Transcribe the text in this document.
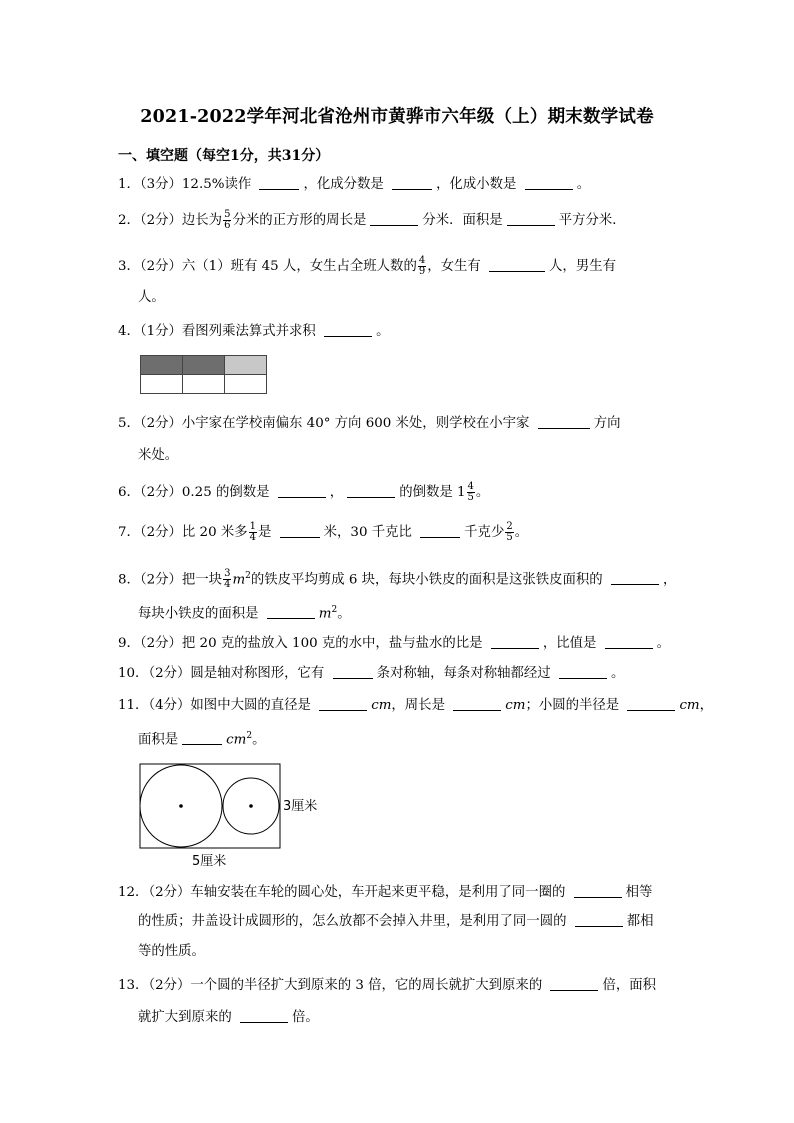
2021-2022学年河北省沧州市黄骅市六年级（上）期末数学试卷
一、填空题（每空1分，共31分）
1．（3分）12.5%读作	，化成分数是	，化成小数是	。
2．（2分）边长为 $\frac{5}{6}$ 分米的正方形的周长是	分米．面积是	平方分米．
3．（2分）六（1）班有 45 人，女生占全班人数的 $\frac{4}{9}$ ，女生有	人，男生有
人。
4．（1分）看图列乘法算式并求积	。
5．（2分）小宇家在学校南偏东 40° 方向 600 米处，则学校在小宇家	方向
米处。
6．（2分）0.25 的倒数是	，	的倒数是 $1 \frac{4}{5}$ 。
7．（2分）比 20 米多 $\frac{1}{4}$ 是	米，30 千克比	千克少 $\frac{2}{5}$ 。
8．（2分）把一块 $\frac{3}{4} m^2$的铁皮平均剪成 6 块，每块小铁皮的面积是这张铁皮面积的	，
每块小铁皮的面积是	$m^2$。
9．（2分）把 20 克的盐放入 100 克的水中，盐与盐水的比是	，比值是	。
10．（2分）圆是轴对称图形，它有	条对称轴，每条对称轴都经过	。
11．（4分）如图中大圆的直径是	cm，周长是	cm；小圆的半径是	cm，
面积是	$cm^2$。
3厘米
5厘米
12．（2分）车轴安装在车轮的圆心处，车开起来更平稳，是利用了同一圈的	相等
的性质；井盖设计成圆形的，怎么放都不会掉入井里，是利用了同一圆的	都相
等的性质。
13．（2分）一个圆的半径扩大到原来的 3 倍，它的周长就扩大到原来的	倍，面积
就扩大到原来的	倍。
